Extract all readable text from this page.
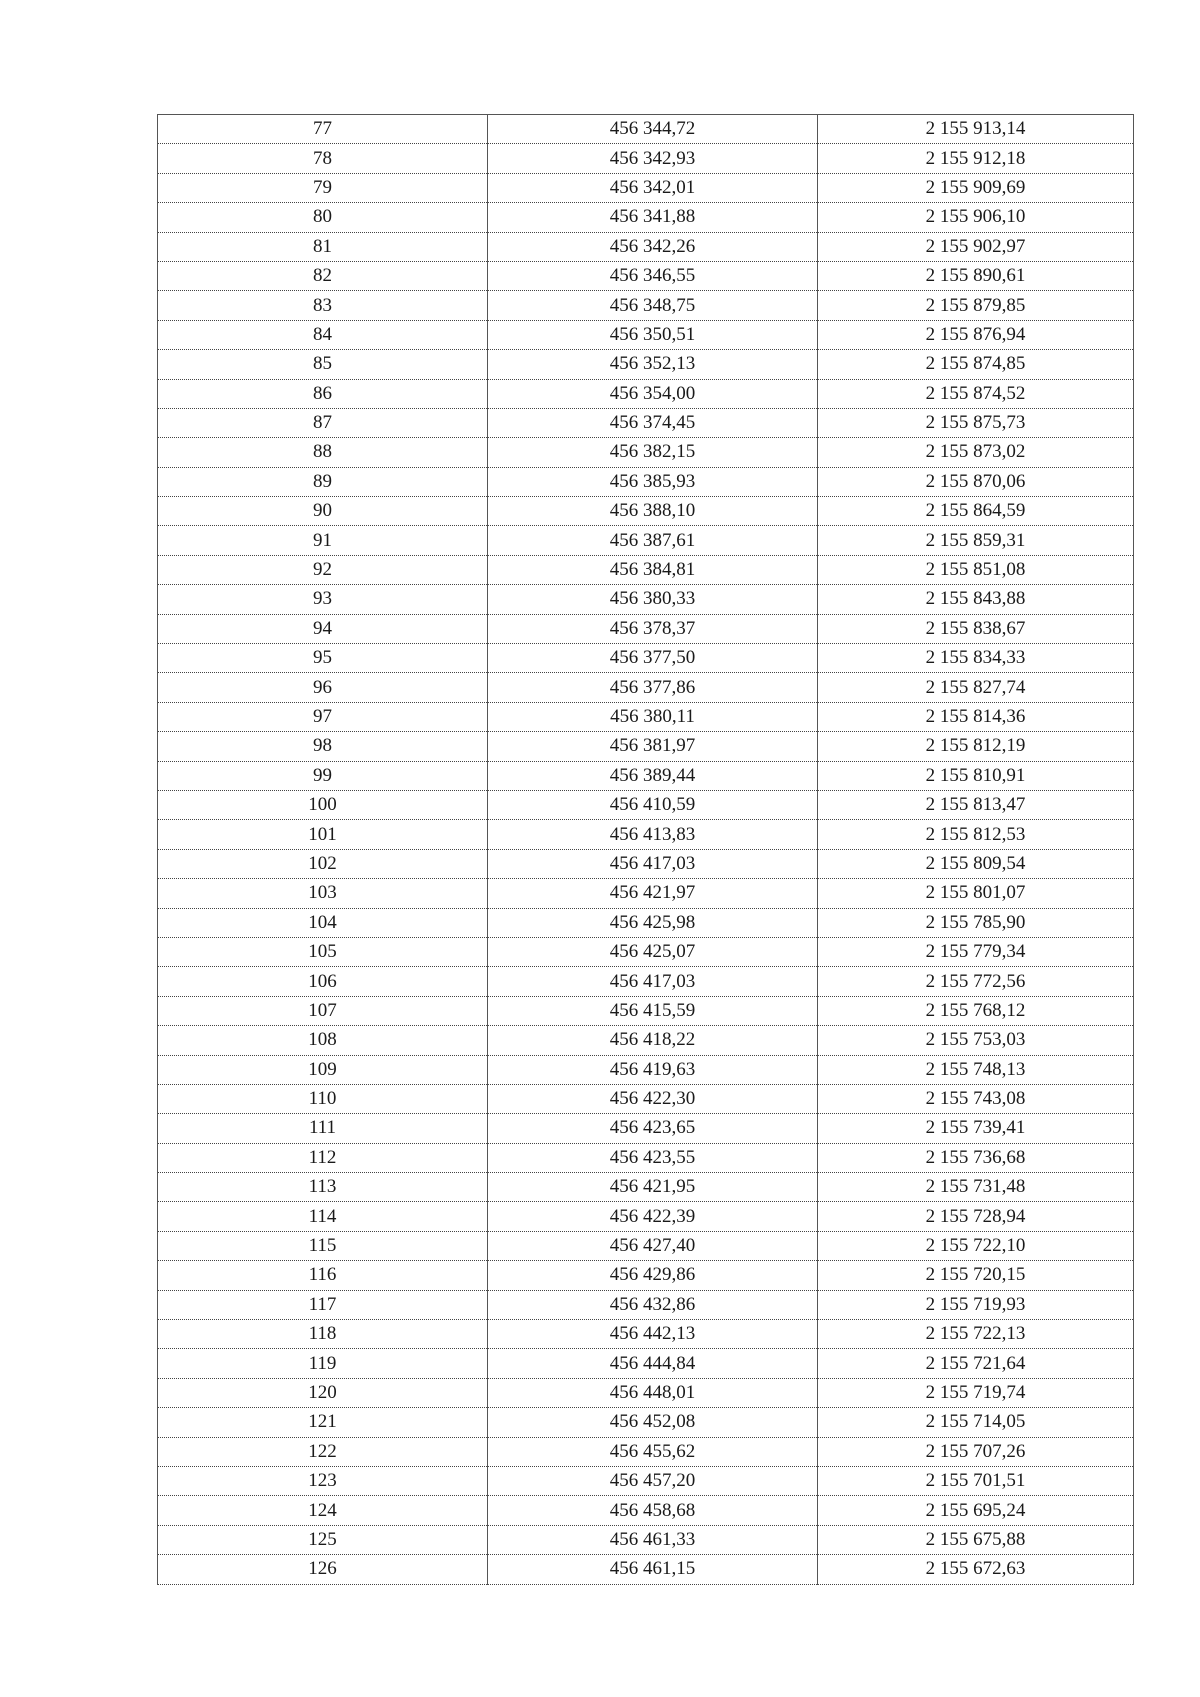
77	456 344,72	2 155 913,14
78	456 342,93	2 155 912,18
79	456 342,01	2 155 909,69
80	456 341,88	2 155 906,10
81	456 342,26	2 155 902,97
82	456 346,55	2 155 890,61
83	456 348,75	2 155 879,85
84	456 350,51	2 155 876,94
85	456 352,13	2 155 874,85
86	456 354,00	2 155 874,52
87	456 374,45	2 155 875,73
88	456 382,15	2 155 873,02
89	456 385,93	2 155 870,06
90	456 388,10	2 155 864,59
91	456 387,61	2 155 859,31
92	456 384,81	2 155 851,08
93	456 380,33	2 155 843,88
94	456 378,37	2 155 838,67
95	456 377,50	2 155 834,33
96	456 377,86	2 155 827,74
97	456 380,11	2 155 814,36
98	456 381,97	2 155 812,19
99	456 389,44	2 155 810,91
100	456 410,59	2 155 813,47
101	456 413,83	2 155 812,53
102	456 417,03	2 155 809,54
103	456 421,97	2 155 801,07
104	456 425,98	2 155 785,90
105	456 425,07	2 155 779,34
106	456 417,03	2 155 772,56
107	456 415,59	2 155 768,12
108	456 418,22	2 155 753,03
109	456 419,63	2 155 748,13
110	456 422,30	2 155 743,08
111	456 423,65	2 155 739,41
112	456 423,55	2 155 736,68
113	456 421,95	2 155 731,48
114	456 422,39	2 155 728,94
115	456 427,40	2 155 722,10
116	456 429,86	2 155 720,15
117	456 432,86	2 155 719,93
118	456 442,13	2 155 722,13
119	456 444,84	2 155 721,64
120	456 448,01	2 155 719,74
121	456 452,08	2 155 714,05
122	456 455,62	2 155 707,26
123	456 457,20	2 155 701,51
124	456 458,68	2 155 695,24
125	456 461,33	2 155 675,88
126	456 461,15	2 155 672,63
